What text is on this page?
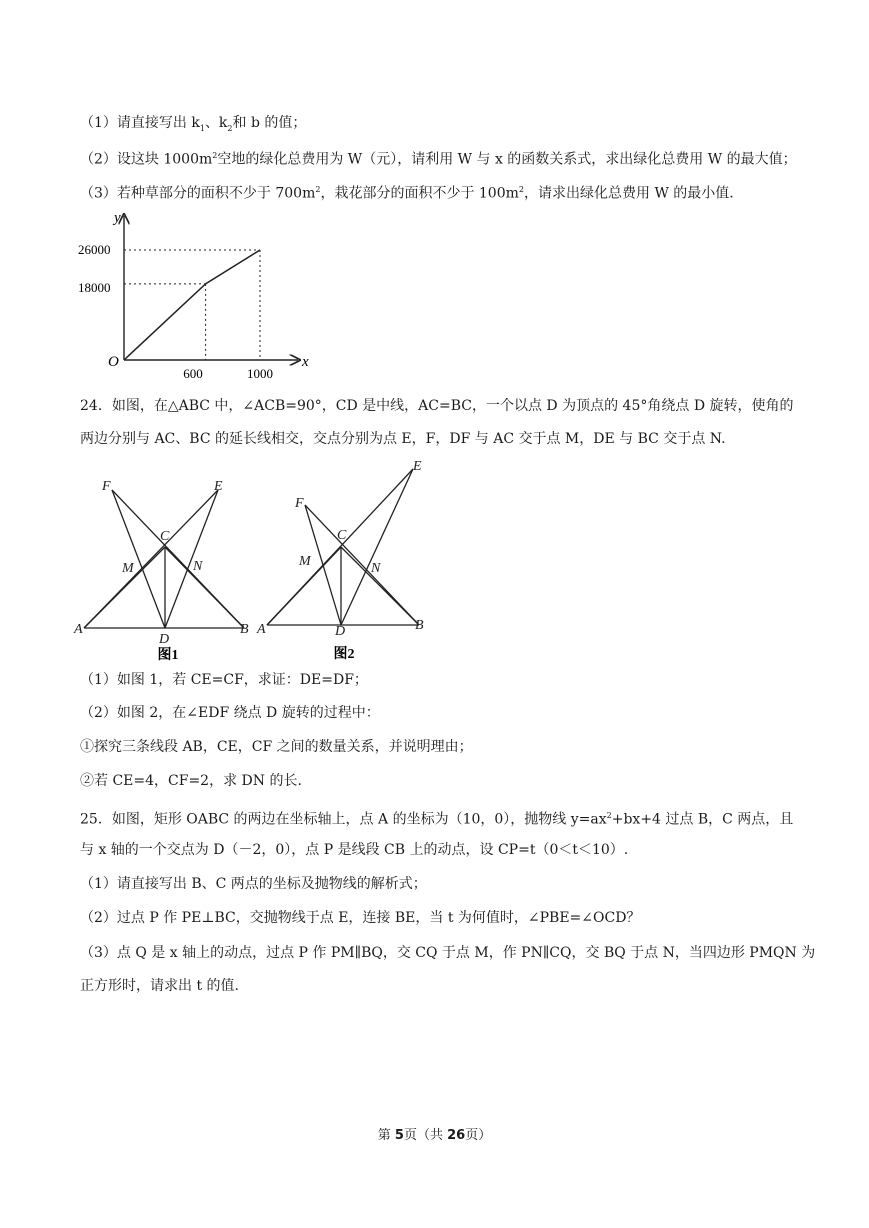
（1）请直接写出 $k_1$、$k_2$和 b 的值；
（2）设这块 $1000m^2$空地的绿化总费用为 W（元），请利用 W 与 x 的函数关系式，求出绿化总费用 W 的最大值；
（3）若种草部分的面积不少于 $700m^2$，栽花部分的面积不少于 $100m^2$，请求出绿化总费用 W 的最小值.
y
x
O
600	1000
26000
18000
24．如图，在△ABC 中，∠ACB=90°，CD 是中线，AC=BC，一个以点 D 为顶点的 45°角绕点 D 旋转，使角的
两边分别与 AC、BC 的延长线相交，交点分别为点 E，F，DF 与 AC 交于点 M，DE 与 BC 交于点 N.
F	E
C
M	N
A
D
B
图1
F
E
C
M	N
A	D	B
图2
（1）如图 1，若 CE=CF，求证：DE=DF；
（2）如图 2，在∠EDF 绕点 D 旋转的过程中：
①探究三条线段 AB，CE，CF 之间的数量关系，并说明理由；
②若 CE=4，CF=2，求 DN 的长.
25．如图，矩形 OABC 的两边在坐标轴上，点 A 的坐标为（10，0），抛物线 $y=ax^2+bx+4$ 过点 B，C 两点，且
与 x 轴的一个交点为 D（－2，0），点 P 是线段 CB 上的动点，设 CP=t（0＜t＜10）.
（1）请直接写出 B、C 两点的坐标及抛物线的解析式；
（2）过点 P 作 PE⊥BC，交抛物线于点 E，连接 BE，当 t 为何值时，∠PBE=∠OCD？
（3）点 Q 是 x 轴上的动点，过点 P 作 PM∥BQ，交 CQ 于点 M，作 PN∥CQ，交 BQ 于点 N，当四边形 PMQN 为
正方形时，请求出 t 的值.
第 5页（共 26页）
